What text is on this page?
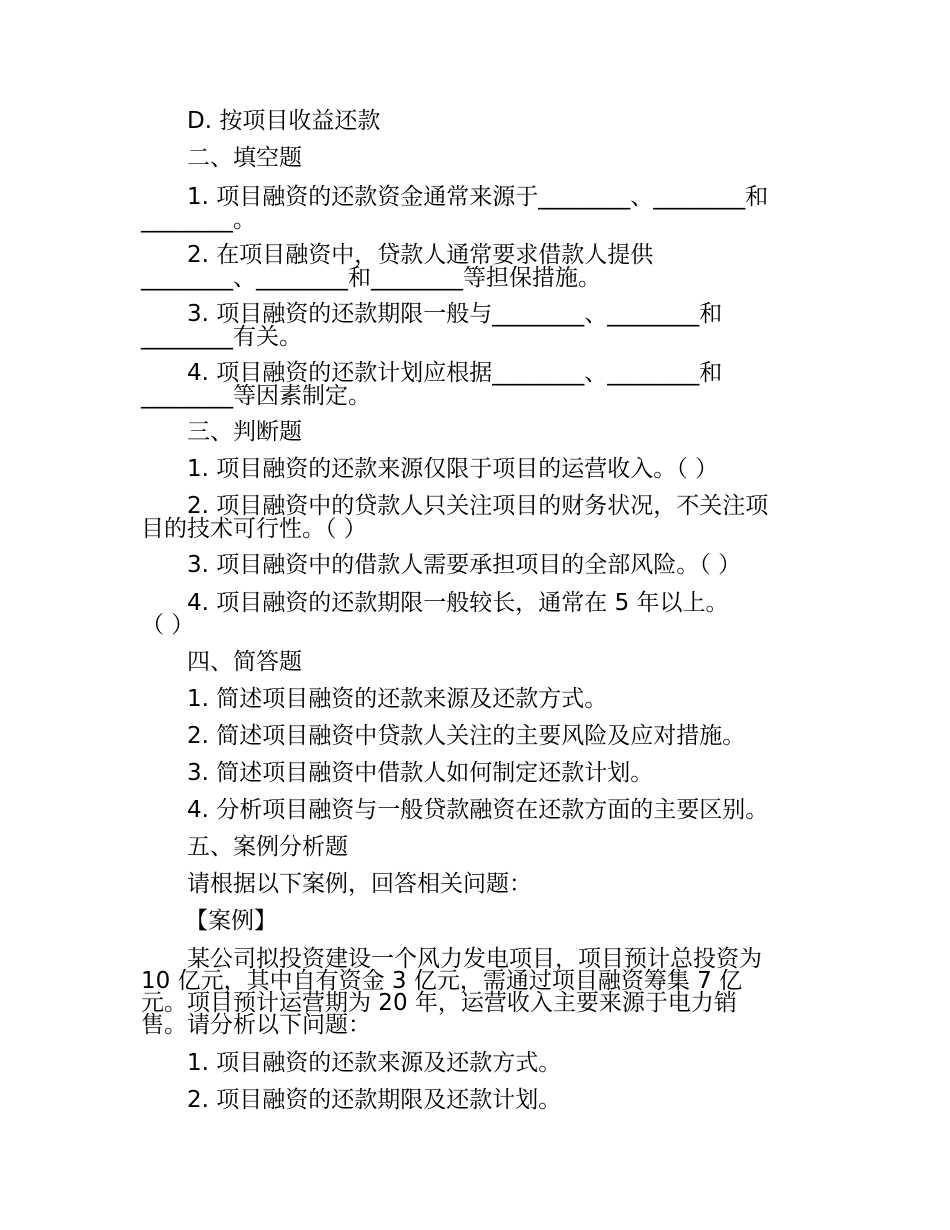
D. 按项目收益还款

二、填空题

1. 项目融资的还款资金通常来源于________、________和

________。

2. 在项目融资中，贷款人通常要求借款人提供

________、________和________等担保措施。

3. 项目融资的还款期限一般与________、________和

________有关。

4. 项目融资的还款计划应根据________、________和

________等因素制定。

三、判断题

1. 项目融资的还款来源仅限于项目的运营收入。（ ）

2. 项目融资中的贷款人只关注项目的财务状况，不关注项

目的技术可行性。（ ）

3. 项目融资中的借款人需要承担项目的全部风险。（ ）

4. 项目融资的还款期限一般较长，通常在 5 年以上。

（ ）

四、简答题

1. 简述项目融资的还款来源及还款方式。

2. 简述项目融资中贷款人关注的主要风险及应对措施。

3. 简述项目融资中借款人如何制定还款计划。

4. 分析项目融资与一般贷款融资在还款方面的主要区别。

五、案例分析题

请根据以下案例，回答相关问题：

【案例】

某公司拟投资建设一个风力发电项目，项目预计总投资为

10 亿元，其中自有资金 3 亿元，需通过项目融资筹集 7 亿

元。项目预计运营期为 20 年，运营收入主要来源于电力销

售。请分析以下问题：

1. 项目融资的还款来源及还款方式。

2. 项目融资的还款期限及还款计划。
